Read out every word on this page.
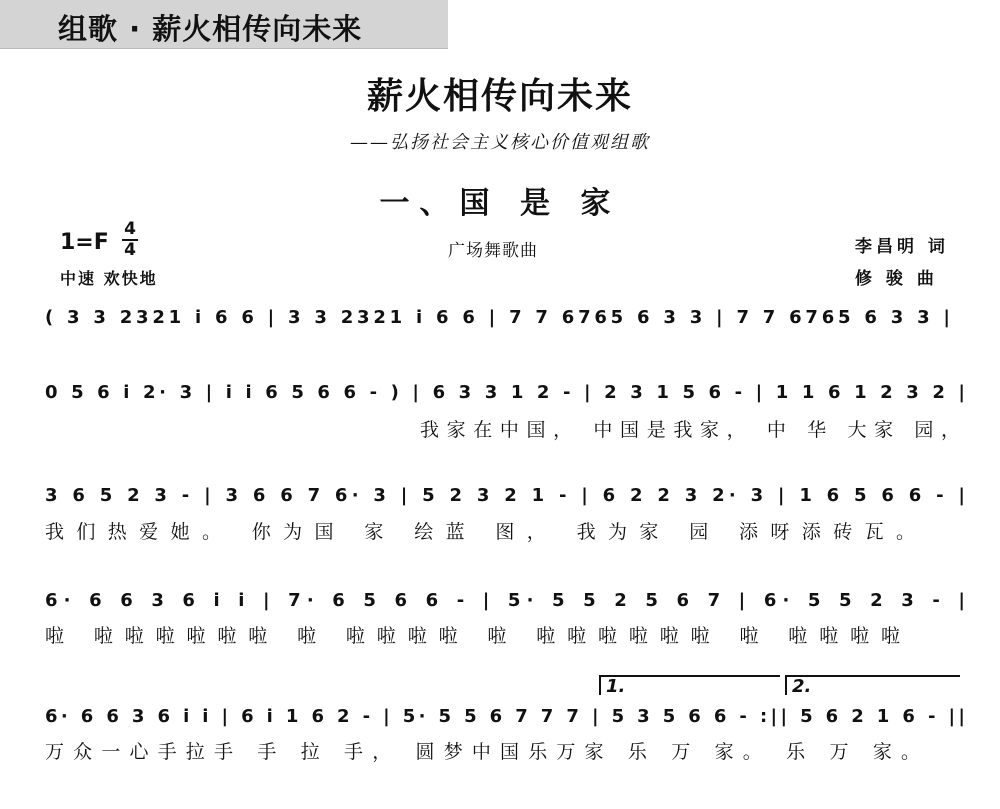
组歌 · 薪火相传向未来
薪火相传向未来
——弘扬社会主义核心价值观组歌
一、国 是 家
1=F
4
4
中速 欢快地
广场舞歌曲	李昌明 词
修 骏 曲
( 3 3 2321 i 6 6 | 3 3 2321 i 6 6 | 7 7 6765 6 3 3 | 7 7 6765 6 3 3 |
0 5 6 i 2· 3 | i i 6 5 6 6 - ) | 6 3 3 1 2 - | 2 3 1 5 6 - | 1 1 6 1 2 3 2 |
我家在中国， 中国是我家， 中 华 大家 园，
3 6 5 2 3 - | 3 6 6 7 6· 3 | 5 2 3 2 1 - | 6 2 2 3 2· 3 | 1 6 5 6 6 - |
我们热爱她。 你为国 家 绘蓝 图， 我为家 园 添呀添砖瓦。
6· 6 6 3 6 i i | 7· 6 5 6 6 - | 5· 5 5 2 5 6 7 | 6· 5 5 2 3 - |
啦 啦啦啦啦啦啦 啦 啦啦啦啦 啦 啦啦啦啦啦啦 啦 啦啦啦啦
1.	2.
6· 6 6 3 6 i i | 6 i 1 6 2 - | 5· 5 5 6 7 7 7 | 5 3 5 6 6 - :|| 5 6 2 1 6 - ||
万众一心手拉手 手 拉 手， 圆梦中国乐万家 乐 万 家。 乐 万 家。
